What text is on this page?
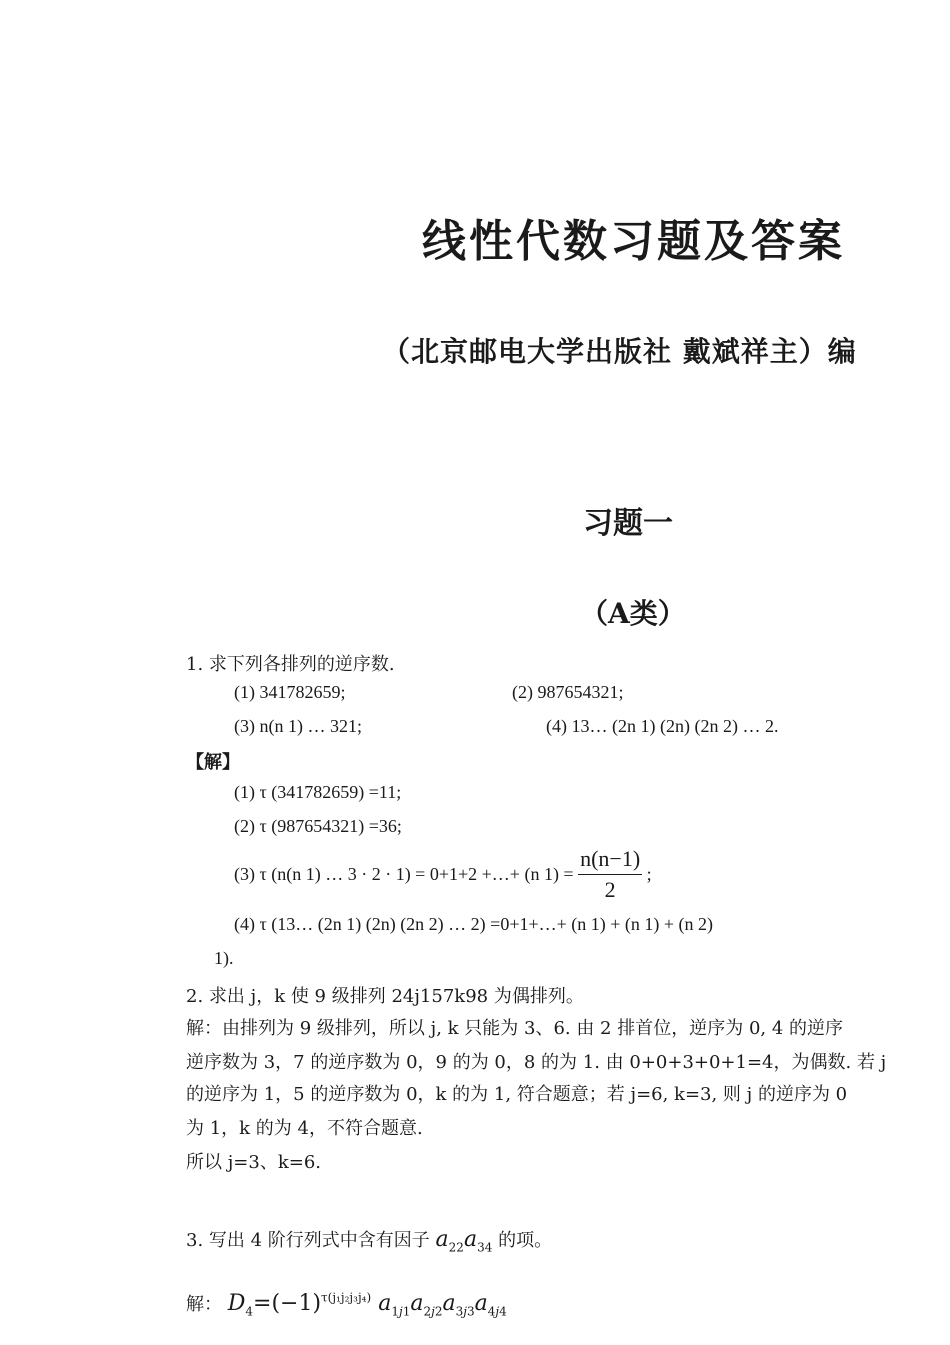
线性代数习题及答案
（北京邮电大学出版社 戴斌祥主）编
习题一
（A类）
1. 求下列各排列的逆序数.
(1) 341782659;	(2) 987654321;
(3) n(n 1) … 321;	(4) 13… (2n 1) (2n) (2n 2) … 2.
【解】
(1) τ (341782659) =11;
(2) τ (987654321) =36;
(3) τ (n(n 1) … 3 · 2 · 1) = 0+1+2 +…+ (n $1) = \frac{n(n-1)}{2}$ ;
(4) τ (13… (2n 1) (2n) (2n 2) … 2) =0+1+…+ (n 1) + (n 1) + (n 2)
1).
2. 求出 j，k 使 9 级排列 24j157k98 为偶排列。
解：由排列为 9 级排列，所以 j, k 只能为 3、6. 由 2 排首位，逆序为 0, 4 的逆序
逆序数为 3，7 的逆序数为 0，9 的为 0，8 的为 1. 由 0+0+3+0+1=4，为偶数. 若 j
的逆序为 1，5 的逆序数为 0，k 的为 1, 符合题意；若 j=6, k=3, 则 j 的逆序为 0
为 1，k 的为 4，不符合题意.
所以 j=3、k=6.
3. 写出 4 阶行列式中含有因子 $a_{22}a_{34}$ 的项。
解： $D_4=(-1)^{\tau(j_1j_2j_3j_4)}$ $a_{1j1}a_{2j2}a_{3j3}a_{4j4}$
